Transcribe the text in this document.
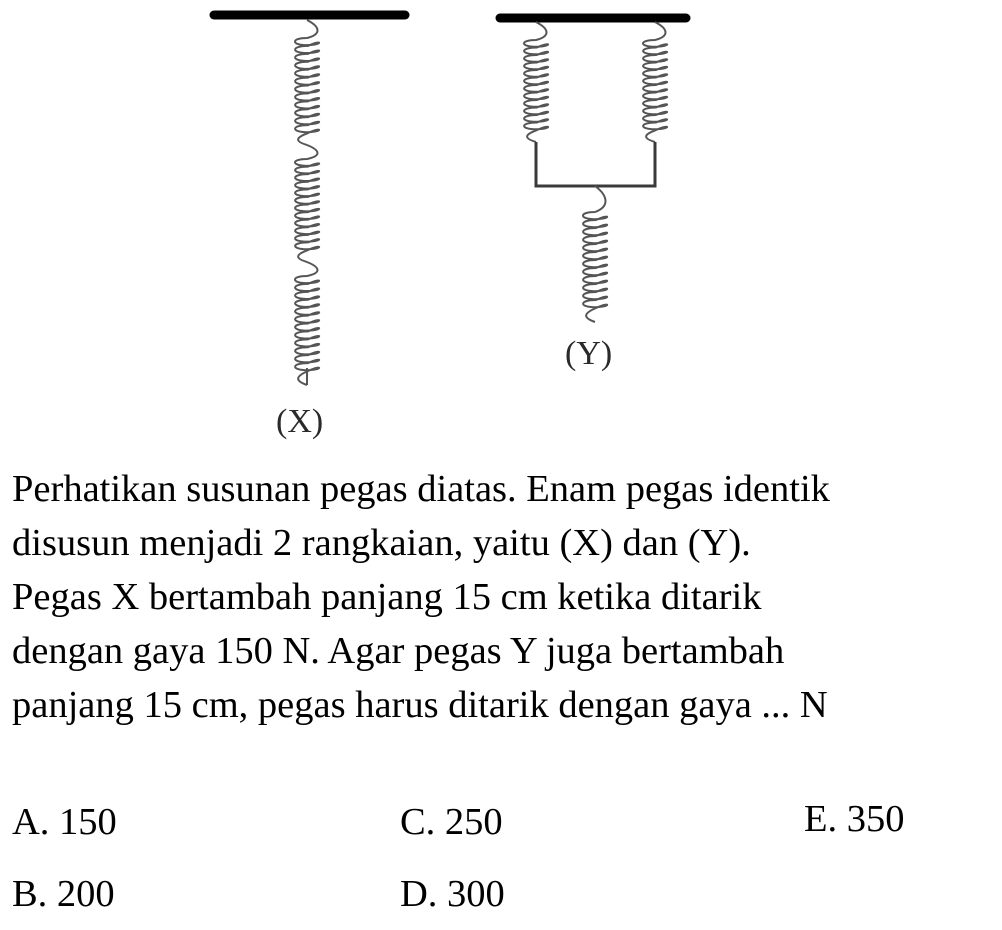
(X)
(Y)
Perhatikan susunan pegas diatas. Enam pegas identik
disusun menjadi 2 rangkaian, yaitu (X) dan (Y).
Pegas X bertambah panjang 15 cm ketika ditarik
dengan gaya 150 N. Agar pegas Y juga bertambah
panjang 15 cm, pegas harus ditarik dengan gaya ... N
A. 150
B. 200
C. 250
D. 300
E. 350
